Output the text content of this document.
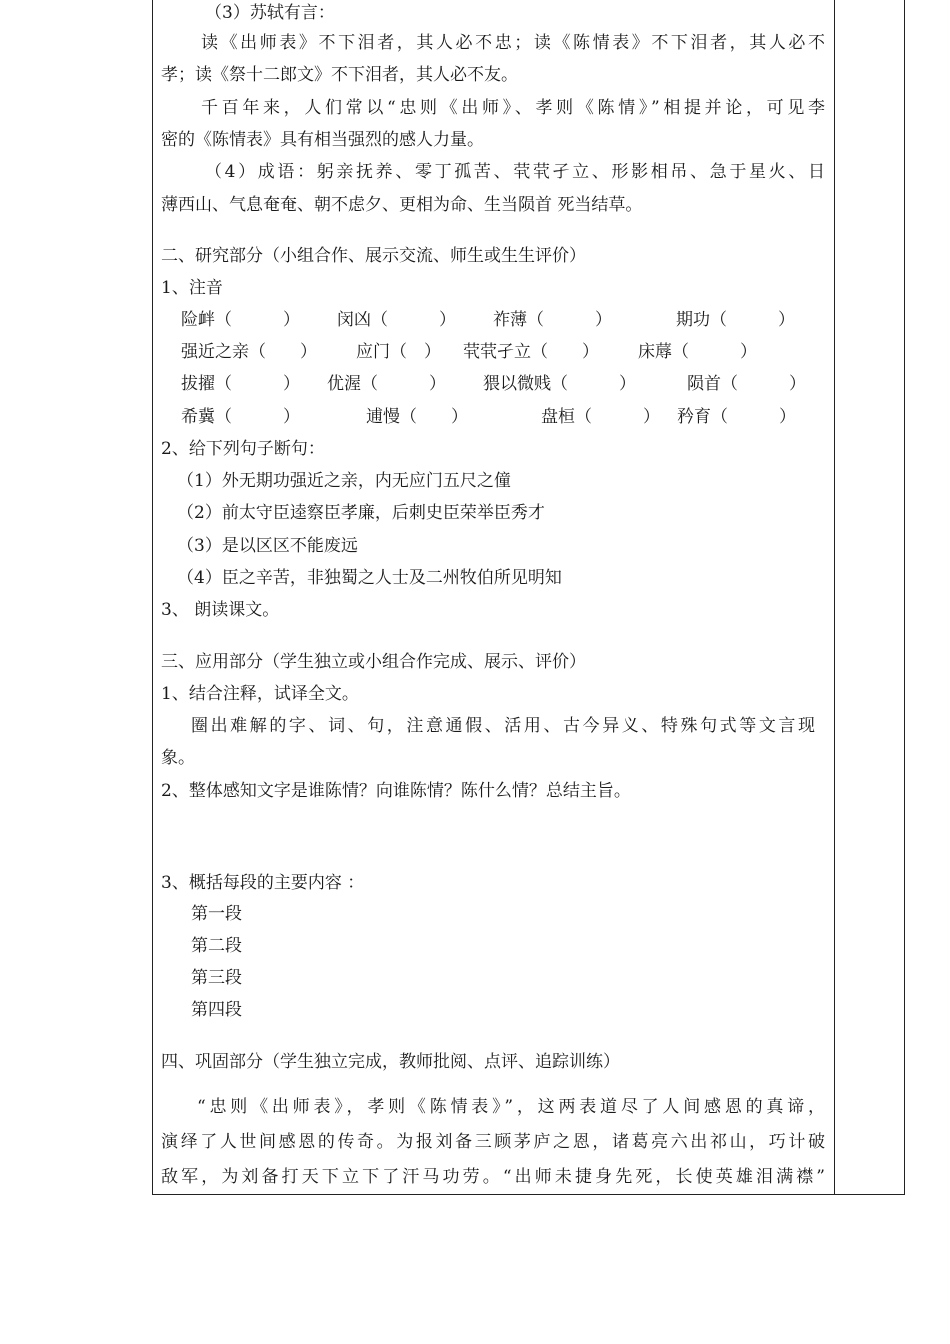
（3）苏轼有言：
读《出师表》不下泪者，其人必不忠；读《陈情表》不下泪者，其人必不
孝；读《祭十二郎文》不下泪者，其人必不友。
千百年来，人们常以“忠则《出师》、孝则《陈情》”相提并论，可见李
密的《陈情表》具有相当强烈的感人力量。
（4）成语：躬亲抚养、零丁孤苦、茕茕孑立、形影相吊、急于星火、日
薄西山、气息奄奄、朝不虑夕、更相为命、生当陨首 死当结草。
二、研究部分（小组合作、展示交流、师生或生生评价）
1、注音
险衅（　　　） 闵凶（　　　） 祚薄（　　　）	期功（　　　）
强近之亲（　　） 应门（　） 茕茕孑立（　　） 床蓐（　　　）
拔擢（　　　） 优渥（　　　） 猥以微贱（　　　）	陨首（　　　）
希冀（　　　）	逋慢（　　）	盘桓（　　　） 矜育（　　　）
2、给下列句子断句：
（1）外无期功强近之亲，内无应门五尺之僮
（2）前太守臣逵察臣孝廉，后刺史臣荣举臣秀才
（3）是以区区不能废远
（4）臣之辛苦，非独蜀之人士及二州牧伯所见明知
3、 朗读课文。
三、应用部分（学生独立或小组合作完成、展示、评价）
1、结合注释，试译全文。
圈出难解的字、词、句，注意通假、活用、古今异义、特殊句式等文言现
象。
2、整体感知文字是谁陈情？向谁陈情？陈什么情？总结主旨。
3、概括每段的主要内容 ：
第一段
第二段
第三段
第四段
四、巩固部分（学生独立完成，教师批阅、点评、追踪训练）
“忠则《出师表》，孝则《陈情表》”，这两表道尽了人间感恩的真谛，
演绎了人世间感恩的传奇。为报刘备三顾茅庐之恩，诸葛亮六出祁山，巧计破
敌军，为刘备打天下立下了汗马功劳。“出师未捷身先死，长使英雄泪满襟”
